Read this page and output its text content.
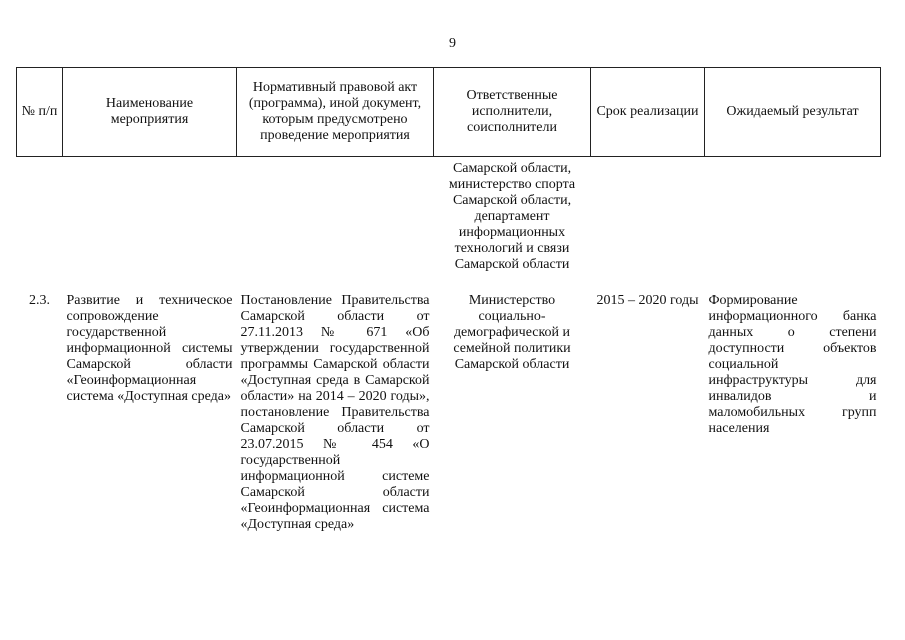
9
№ п/п	Наименование мероприятия	Нормативный правовой акт (программа), иной документ, которым предусмотрено проведение мероприятия	Ответственные исполнители, соисполнители	Срок реализации	Ожидаемый результат
			Самарской области, министерство спорта Самарской области, департамент информационных технологий и связи Самарской области		
2.3.	Развитие и техническое сопровождение государственной информационной системы Самарской области «Геоинформационная система «Доступная среда»	Постановление Правительства Самарской области от 27.11.2013 № 671 «Об утверждении государственной программы Самарской области «Доступная среда в Самарской области» на 2014 – 2020 годы», постановление Правительства Самарской области от 23.07.2015 № 454 «О государственной информационной системе Самарской области «Геоинформационная система «Доступная среда»	Министерство социально-демографической и семейной политики Самарской области	2015 – 2020 годы	Формирование информационного банка данных о степени доступности объектов социальной инфраструктуры для инвалидов и маломобильных групп населения
